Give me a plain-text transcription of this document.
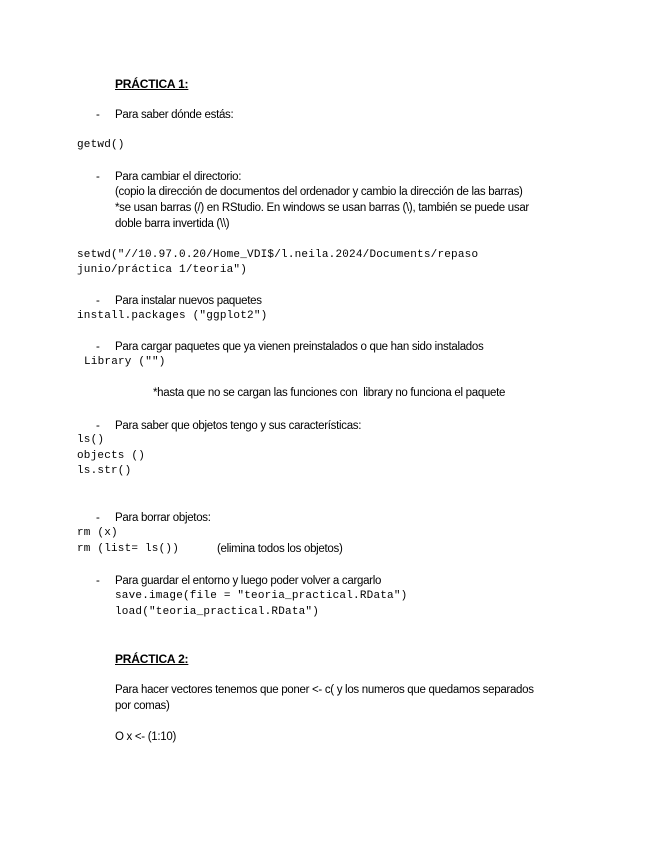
PRÁCTICA 1:
- Para saber dónde estás:
getwd()
- Para cambiar el directorio:
(copio la dirección de documentos del ordenador y cambio la dirección de las barras)
*se usan barras (/) en RStudio. En windows se usan barras (\), también se puede usar
doble barra invertida (\\)
setwd("//10.97.0.20/Home_VDI$/l.neila.2024/Documents/repaso
junio/práctica 1/teoria")
- Para instalar nuevos paquetes
install.packages ("ggplot2")
- Para cargar paquetes que ya vienen preinstalados o que han sido instalados
Library ("")
*hasta que no se cargan las funciones con  library no funciona el paquete
- Para saber que objetos tengo y sus características:
ls()
objects ()
ls.str()
- Para borrar objetos:
rm (x)
rm (list= ls())	(elimina todos los objetos)
- Para guardar el entorno y luego poder volver a cargarlo
save.image(file = "teoria_practical.RData")
load("teoria_practical.RData")
PRÁCTICA 2:
Para hacer vectores tenemos que poner <- c( y los numeros que quedamos separados
por comas)
O x <- (1:10)
